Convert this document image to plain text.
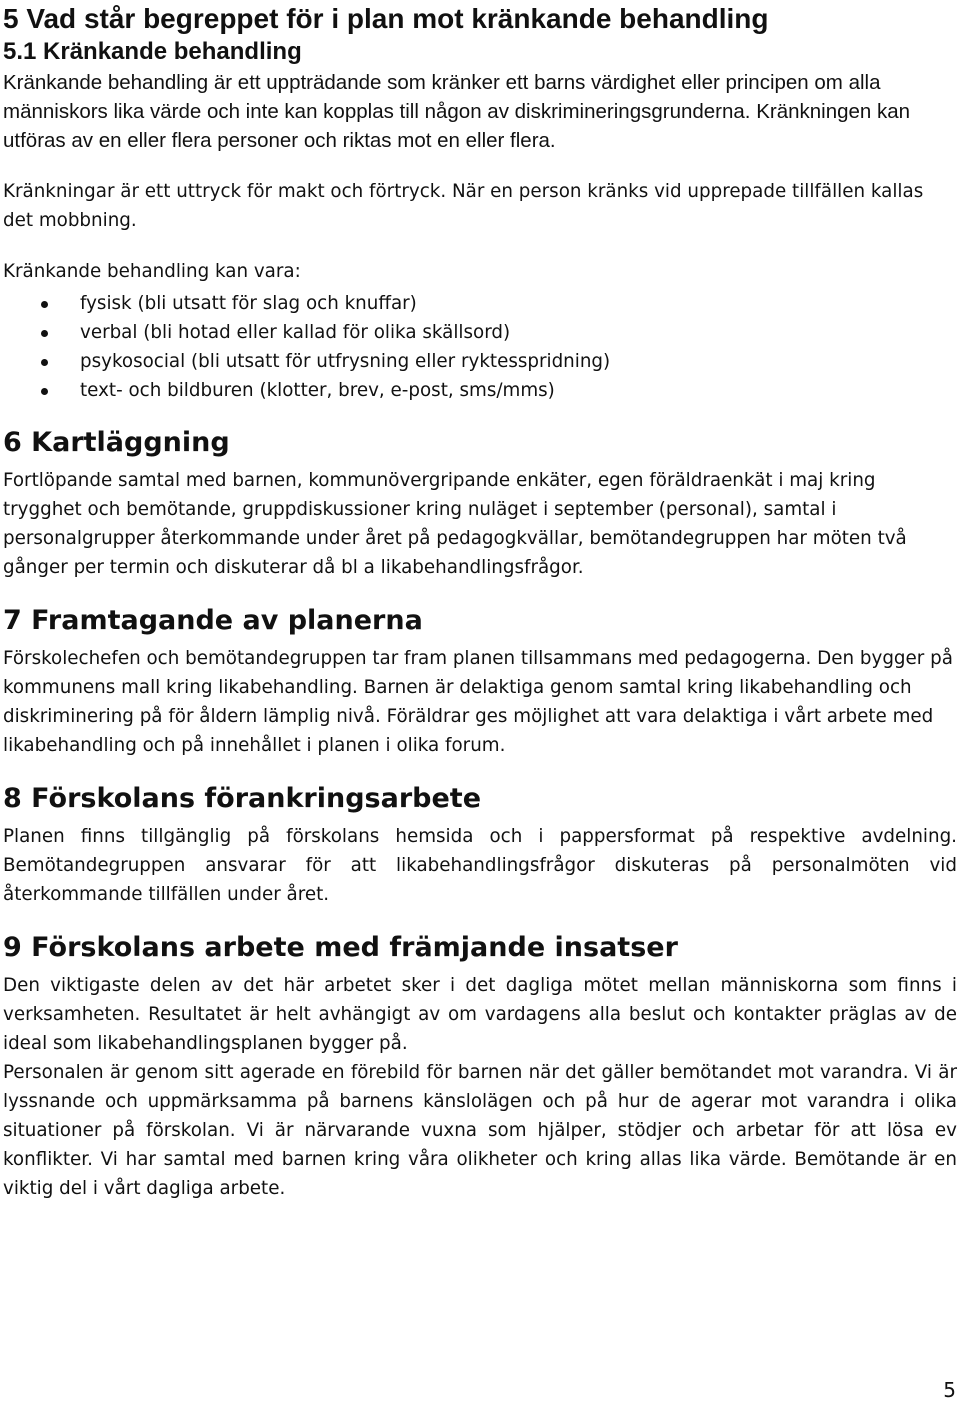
5 Vad står begreppet för i plan mot kränkande behandling
5.1 Kränkande behandling

Kränkande behandling är ett uppträdande som kränker ett barns värdighet eller principen om alla människors lika värde och inte kan kopplas till någon av diskrimineringsgrunderna. Kränkningen kan utföras av en eller flera personer och riktas mot en eller flera.

Kränkningar är ett uttryck för makt och förtryck. När en person kränks vid upprepade tillfällen kallas det mobbning.

Kränkande behandling kan vara:

fysisk (bli utsatt för slag och knuffar)
verbal (bli hotad eller kallad för olika skällsord)
psykosocial (bli utsatt för utfrysning eller ryktesspridning)
text- och bildburen (klotter, brev, e-post, sms/mms)
6 Kartläggning

Fortlöpande samtal med barnen, kommunövergripande enkäter, egen föräldraenkät i maj kring trygghet och bemötande, gruppdiskussioner kring nuläget i september (personal), samtal i personalgrupper återkommande under året på pedagogkvällar, bemötandegruppen har möten två gånger per termin och diskuterar då bl a likabehandlingsfrågor.

7 Framtagande av planerna

Förskolechefen och bemötandegruppen tar fram planen tillsammans med pedagogerna. Den bygger på kommunens mall kring likabehandling. Barnen är delaktiga genom samtal kring likabehandling och diskriminering på för åldern lämplig nivå. Föräldrar ges möjlighet att vara delaktiga i vårt arbete med likabehandling och på innehållet i planen i olika forum.

8 Förskolans förankringsarbete

Planen finns tillgänglig på förskolans hemsida och i pappersformat på respektive avdelning. Bemötandegruppen ansvarar för att likabehandlingsfrågor diskuteras på personalmöten vid återkommande tillfällen under året.

9 Förskolans arbete med främjande insatser

Den viktigaste delen av det här arbetet sker i det dagliga mötet mellan människorna som finns i verksamheten. Resultatet är helt avhängigt av om vardagens alla beslut och kontakter präglas av de ideal som likabehandlingsplanen bygger på.

Personalen är genom sitt agerade en förebild för barnen när det gäller bemötandet mot varandra. Vi är lyssnande och uppmärksamma på barnens känslolägen och på hur de agerar mot varandra i olika situationer på förskolan. Vi är närvarande vuxna som hjälper, stödjer och arbetar för att lösa ev konflikter. Vi har samtal med barnen kring våra olikheter och kring allas lika värde. Bemötande är en viktig del i vårt dagliga arbete.

5
